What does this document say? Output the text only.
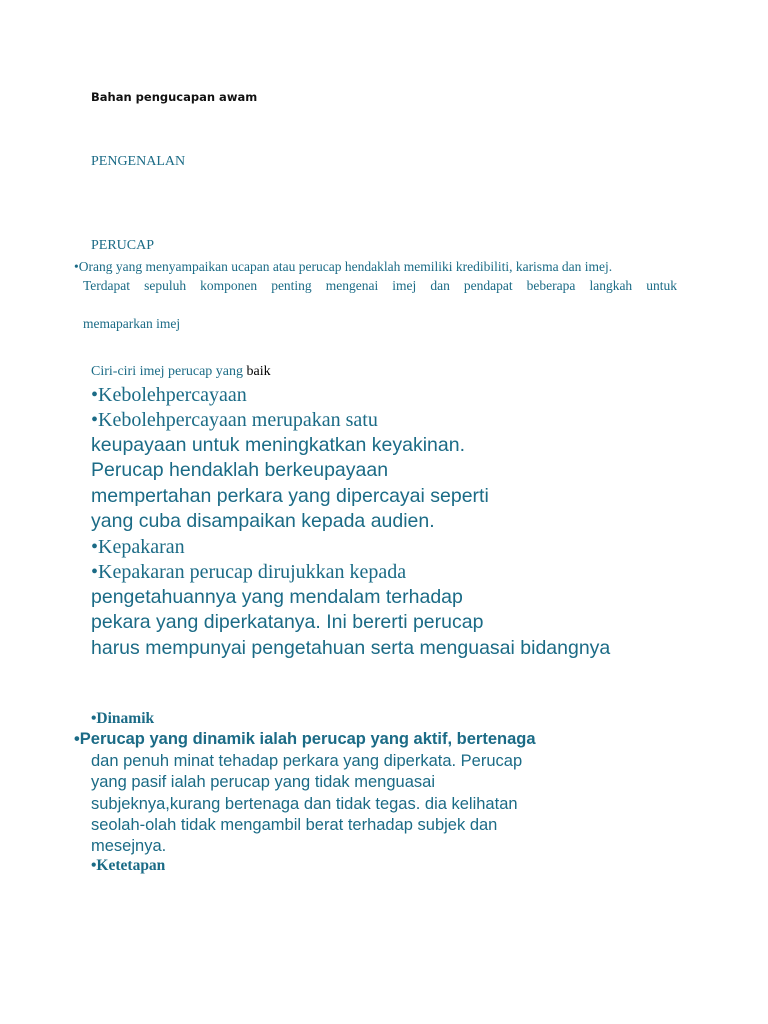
Bahan pengucapan awam

PENGENALAN

PERUCAP

•Orang yang menyampaikan ucapan atau perucap hendaklah memiliki kredibiliti, karisma dan imej.
Terdapat sepuluh komponen penting mengenai imej dan pendapat beberapa langkah untuk
memaparkan imej

Ciri-ciri imej perucap yang baik

•Kebolehpercayaan

•Kebolehpercayaan merupakan satu

keupayaan untuk meningkatkan keyakinan.
Perucap hendaklah berkeupayaan
mempertahan perkara yang dipercayai seperti
yang cuba disampaikan kepada audien.

•Kepakaran

•Kepakaran perucap dirujukkan kepada

pengetahuannya yang mendalam terhadap
pekara yang diperkatanya. Ini bererti perucap
harus mempunyai pengetahuan serta menguasai bidangnya

•Dinamik

•Perucap yang dinamik ialah perucap yang aktif, bertenaga

dan penuh minat tehadap perkara yang diperkata. Perucap
yang pasif ialah perucap yang tidak menguasai
subjeknya,kurang bertenaga dan tidak tegas. dia kelihatan
seolah-olah tidak mengambil berat terhadap subjek dan
mesejnya.

•Ketetapan
